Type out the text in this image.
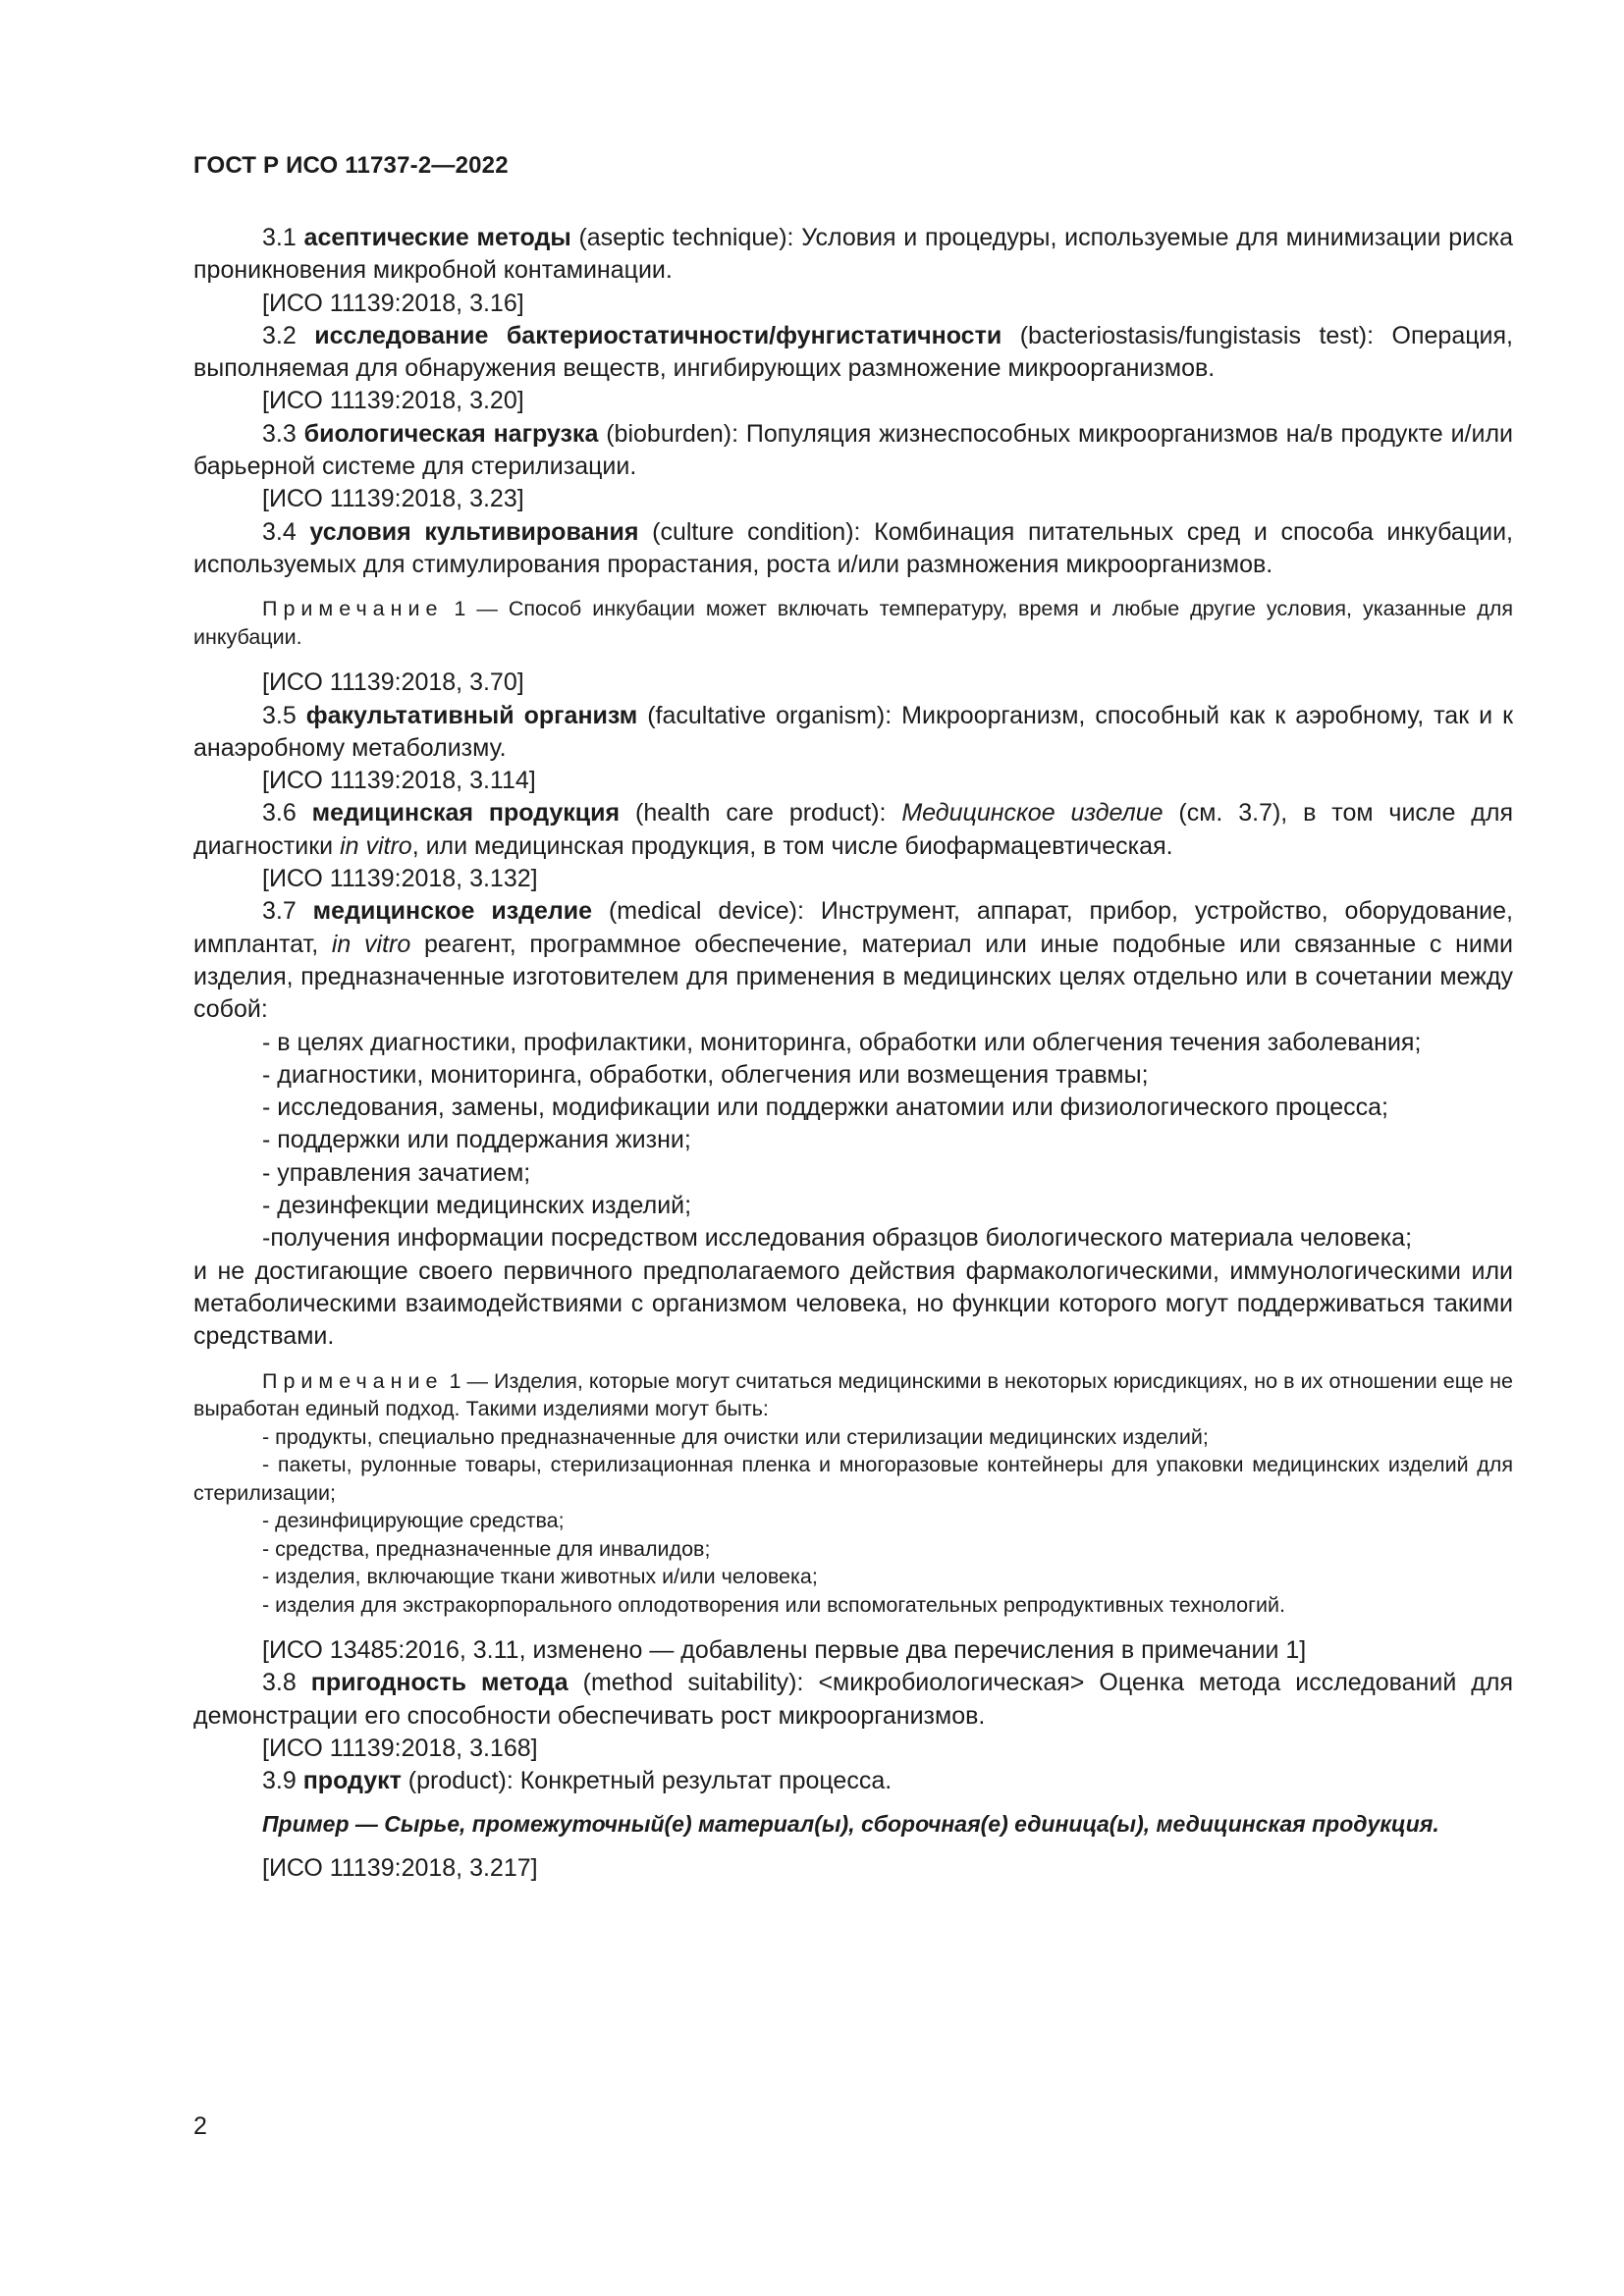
ГОСТ Р ИСО 11737-2—2022

3.1 асептические методы (aseptic technique): Условия и процедуры, используемые для минимизации риска проникновения микробной контаминации.

[ИСО 11139:2018, 3.16]

3.2 исследование бактериостатичности/фунгистатичности (bacteriostasis/fungistasis test): Операция, выполняемая для обнаружения веществ, ингибирующих размножение микроорганизмов.

[ИСО 11139:2018, 3.20]

3.3 биологическая нагрузка (bioburden): Популяция жизнеспособных микроорганизмов на/в продукте и/или барьерной системе для стерилизации.

[ИСО 11139:2018, 3.23]

3.4 условия культивирования (culture condition): Комбинация питательных сред и способа инкубации, используемых для стимулирования прорастания, роста и/или размножения микроорганизмов.

Примечание 1 — Способ инкубации может включать температуру, время и любые другие условия, указанные для инкубации.

[ИСО 11139:2018, 3.70]

3.5 факультативный организм (facultative organism): Микроорганизм, способный как к аэробному, так и к анаэробному метаболизму.

[ИСО 11139:2018, 3.114]

3.6 медицинская продукция (health care product): Медицинское изделие (см. 3.7), в том числе для диагностики in vitro, или медицинская продукция, в том числе биофармацевтическая.

[ИСО 11139:2018, 3.132]

3.7 медицинское изделие (medical device): Инструмент, аппарат, прибор, устройство, оборудование, имплантат, in vitro реагент, программное обеспечение, материал или иные подобные или связанные с ними изделия, предназначенные изготовителем для применения в медицинских целях отдельно или в сочетании между собой:

- в целях диагностики, профилактики, мониторинга, обработки или облегчения течения заболевания;

- диагностики, мониторинга, обработки, облегчения или возмещения травмы;

- исследования, замены, модификации или поддержки анатомии или физиологического процесса;

- поддержки или поддержания жизни;

- управления зачатием;

- дезинфекции медицинских изделий;

-получения информации посредством исследования образцов биологического материала человека;

и не достигающие своего первичного предполагаемого действия фармакологическими, иммунологическими или метаболическими взаимодействиями с организмом человека, но функции которого могут поддерживаться такими средствами.

Примечание 1 — Изделия, которые могут считаться медицинскими в некоторых юрисдикциях, но в их отношении еще не выработан единый подход. Такими изделиями могут быть:

- продукты, специально предназначенные для очистки или стерилизации медицинских изделий;

- пакеты, рулонные товары, стерилизационная пленка и многоразовые контейнеры для упаковки медицинских изделий для стерилизации;

- дезинфицирующие средства;

- средства, предназначенные для инвалидов;

- изделия, включающие ткани животных и/или человека;

- изделия для экстракорпорального оплодотворения или вспомогательных репродуктивных технологий.

[ИСО 13485:2016, 3.11, изменено — добавлены первые два перечисления в примечании 1]

3.8 пригодность метода (method suitability): <микробиологическая> Оценка метода исследований для демонстрации его способности обеспечивать рост микроорганизмов.

[ИСО 11139:2018, 3.168]

3.9 продукт (product): Конкретный результат процесса.

Пример — Сырье, промежуточный(е) материал(ы), сборочная(е) единица(ы), медицинская продукция.

[ИСО 11139:2018, 3.217]

2
